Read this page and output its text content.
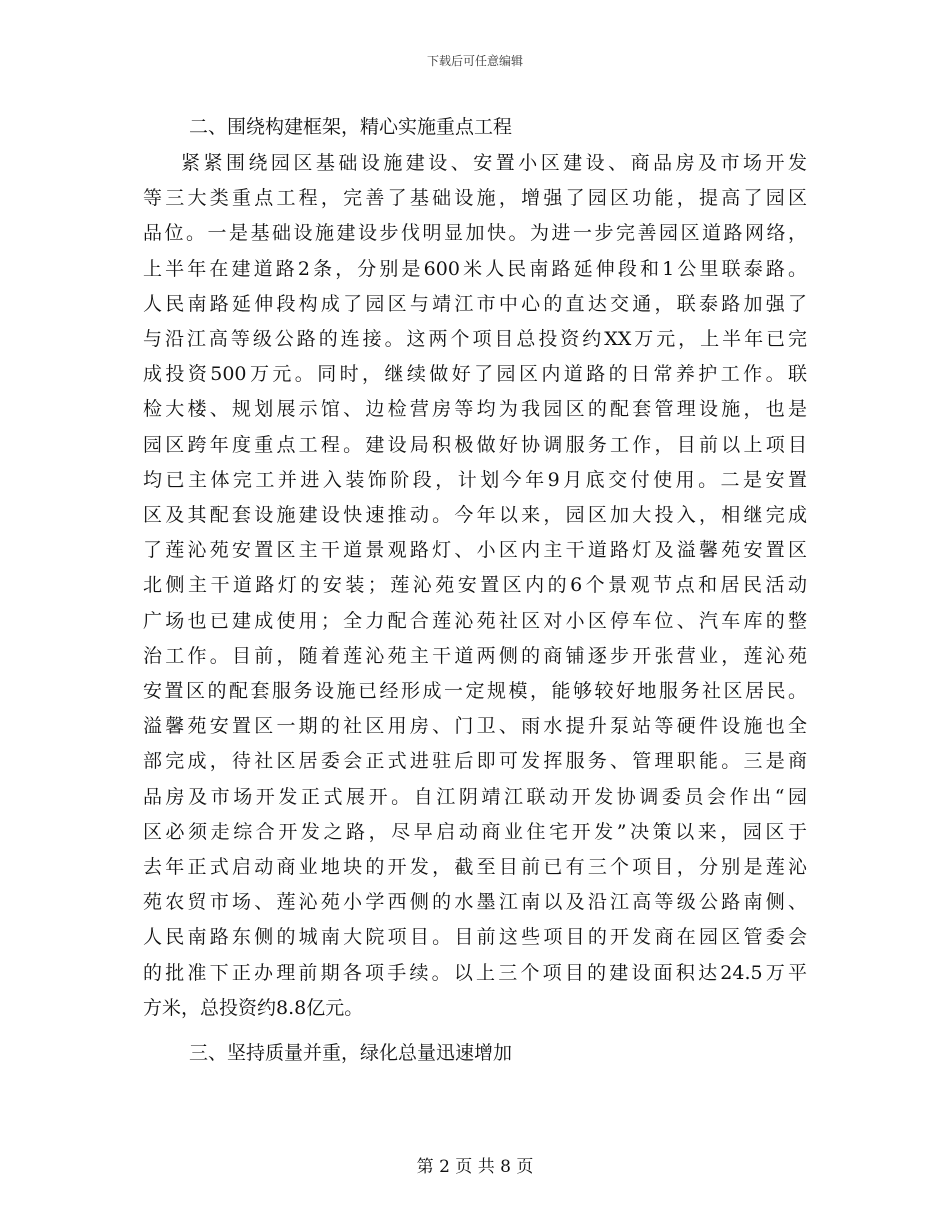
下载后可任意编辑

二、围绕构建框架，精心实施重点工程

紧紧围绕园区基础设施建设、安置小区建设、商品房及市场开发

等三大类重点工程，完善了基础设施，增强了园区功能，提高了园区

品位。一是基础设施建设步伐明显加快。为进一步完善园区道路网络，

上半年在建道路2条，分别是600米人民南路延伸段和1公里联泰路。

人民南路延伸段构成了园区与靖江市中心的直达交通，联泰路加强了

与沿江高等级公路的连接。这两个项目总投资约XX万元，上半年已完

成投资500万元。同时，继续做好了园区内道路的日常养护工作。联

检大楼、规划展示馆、边检营房等均为我园区的配套管理设施，也是

园区跨年度重点工程。建设局积极做好协调服务工作，目前以上项目

均已主体完工并进入装饰阶段，计划今年9月底交付使用。二是安置

区及其配套设施建设快速推动。今年以来，园区加大投入，相继完成

了莲沁苑安置区主干道景观路灯、小区内主干道路灯及溢馨苑安置区

北侧主干道路灯的安装；莲沁苑安置区内的6个景观节点和居民活动

广场也已建成使用；全力配合莲沁苑社区对小区停车位、汽车库的整

治工作。目前，随着莲沁苑主干道两侧的商铺逐步开张营业，莲沁苑

安置区的配套服务设施已经形成一定规模，能够较好地服务社区居民。

溢馨苑安置区一期的社区用房、门卫、雨水提升泵站等硬件设施也全

部完成，待社区居委会正式进驻后即可发挥服务、管理职能。三是商

品房及市场开发正式展开。自江阴靖江联动开发协调委员会作出“园

区必须走综合开发之路，尽早启动商业住宅开发”决策以来，园区于

去年正式启动商业地块的开发，截至目前已有三个项目，分别是莲沁

苑农贸市场、莲沁苑小学西侧的水墨江南以及沿江高等级公路南侧、

人民南路东侧的城南大院项目。目前这些项目的开发商在园区管委会

的批准下正办理前期各项手续。以上三个项目的建设面积达24.5万平

方米，总投资约8.8亿元。

三、坚持质量并重，绿化总量迅速增加

第 2 页 共 8 页
